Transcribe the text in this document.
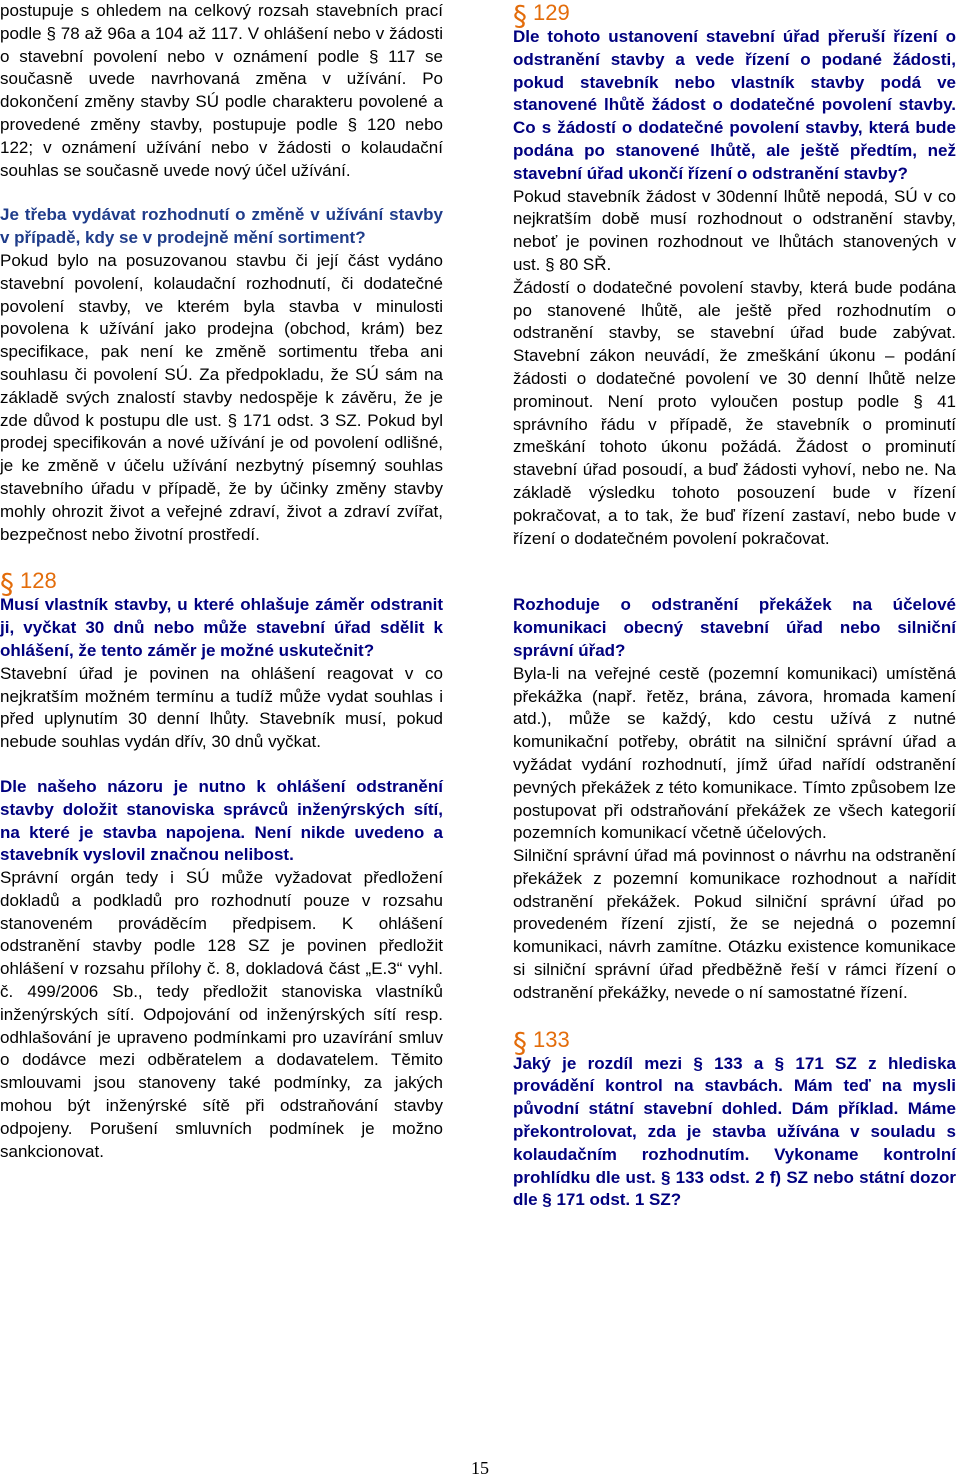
postupuje s ohledem na celkový rozsah stavebních prací podle § 78 až 96a a 104 až 117. V ohlášení nebo v žádosti o stavební povolení nebo v oznámení podle § 117 se současně uvede navrhovaná změna v užívání. Po dokončení změny stavby SÚ podle charakteru povolené a provedené změny stavby, postupuje podle § 120 nebo 122; v oznámení užívání nebo v žádosti o kolaudační souhlas se současně uvede nový účel užívání.

Je třeba vydávat rozhodnutí o změně v užívání stavby v případě, kdy se v prodejně mění sortiment?

Pokud bylo na posuzovanou stavbu či její část vydáno stavební povolení, kolaudační rozhodnutí, či dodatečné povolení stavby, ve kterém byla stavba v minulosti povolena k užívání jako prodejna (obchod, krám) bez specifikace, pak není ke změně sortimentu třeba ani souhlasu či povolení SÚ. Za předpokladu, že SÚ sám na základě svých znalostí stavby nedospěje k závěru, že je zde důvod k postupu dle ust. § 171 odst. 3 SZ. Pokud byl prodej specifikován a nové užívání je od povolení odlišné, je ke změně v účelu užívání nezbytný písemný souhlas stavebního úřadu v případě, že by účinky změny stavby mohly ohrozit život a veřejné zdraví, život a zdraví zvířat, bezpečnost nebo životní prostředí.

§ 128

Musí vlastník stavby, u které ohlašuje záměr odstranit ji, vyčkat 30 dnů nebo může stavební úřad sdělit k ohlášení, že tento záměr je možné uskutečnit?

Stavební úřad je povinen na ohlášení reagovat v co nejkratším možném termínu a tudíž může vydat souhlas i před uplynutím 30 denní lhůty. Stavebník musí, pokud nebude souhlas vydán dřív, 30 dnů vyčkat.

Dle našeho názoru je nutno k ohlášení odstranění stavby doložit stanoviska správců inženýrských sítí, na které je stavba napojena. Není nikde uvedeno a stavebník vyslovil značnou nelibost.

Správní orgán tedy i SÚ může vyžadovat předložení dokladů a podkladů pro rozhodnutí pouze v rozsahu stanoveném prováděcím předpisem. K ohlášení odstranění stavby podle 128 SZ je povinen předložit ohlášení v rozsahu přílohy č. 8, dokladová část „E.3“ vyhl. č. 499/2006 Sb., tedy předložit stanoviska vlastníků inženýrských sítí. Odpojování od inženýrských sítí resp. odhlašování je upraveno podmínkami pro uzavírání smluv o dodávce mezi odběratelem a dodavatelem. Těmito smlouvami jsou stanoveny také podmínky, za jakých mohou být inženýrské sítě při odstraňování stavby odpojeny. Porušení smluvních podmínek je možno sankcionovat.

§ 129

Dle tohoto ustanovení stavební úřad přeruší řízení o odstranění stavby a vede řízení o podané žádosti, pokud stavebník nebo vlastník stavby podá ve stanovené lhůtě žádost o dodatečné povolení stavby. Co s žádostí o dodatečné povolení stavby, která bude podána po stanovené lhůtě, ale ještě předtím, než stavební úřad ukončí řízení o odstranění stavby?

Pokud stavebník žádost v 30denní lhůtě nepodá, SÚ v co nejkratším době musí rozhodnout o odstranění stavby, neboť je povinen rozhodnout ve lhůtách stanovených v ust. § 80 SŘ.

Žádostí o dodatečné povolení stavby, která bude podána po stanovené lhůtě, ale ještě před rozhodnutím o odstranění stavby, se stavební úřad bude zabývat. Stavební zákon neuvádí, že zmeškání úkonu – podání žádosti o dodatečné povolení ve 30 denní lhůtě nelze prominout. Není proto vyloučen postup podle § 41 správního řádu v případě, že stavebník o prominutí zmeškání tohoto úkonu požádá. Žádost o prominutí stavební úřad posoudí, a buď žádosti vyhoví, nebo ne. Na základě výsledku tohoto posouzení bude v řízení pokračovat, a to tak, že buď řízení zastaví, nebo bude v řízení o dodatečném povolení pokračovat.

Rozhoduje o odstranění překážek na účelové komunikaci obecný stavební úřad nebo silniční správní úřad?

Byla-li na veřejné cestě (pozemní komunikaci) umístěná překážka (např. řetěz, brána, závora, hromada kamení atd.), může se každý, kdo cestu užívá z nutné komunikační potřeby, obrátit na silniční správní úřad a vyžádat vydání rozhodnutí, jímž úřad nařídí odstranění pevných překážek z této komunikace. Tímto způsobem lze postupovat při odstraňování překážek ze všech kategorií pozemních komunikací včetně účelových.

Silniční správní úřad má povinnost o návrhu na odstranění překážek z pozemní komunikace rozhodnout a nařídit odstranění překážek. Pokud silniční správní úřad po provedeném řízení zjistí, že se nejedná o pozemní komunikaci, návrh zamítne. Otázku existence komunikace si silniční správní úřad předběžně řeší v rámci řízení o odstranění překážky, nevede o ní samostatné řízení.

§ 133

Jaký je rozdíl mezi § 133 a § 171 SZ z hlediska provádění kontrol na stavbách. Mám teď na mysli původní státní stavební dohled. Dám příklad. Máme překontrolovat, zda je stavba užívána v souladu s kolaudačním rozhodnutím. Vykoname kontrolní prohlídku dle ust. § 133 odst. 2 f) SZ nebo státní dozor dle § 171 odst. 1 SZ?

15
